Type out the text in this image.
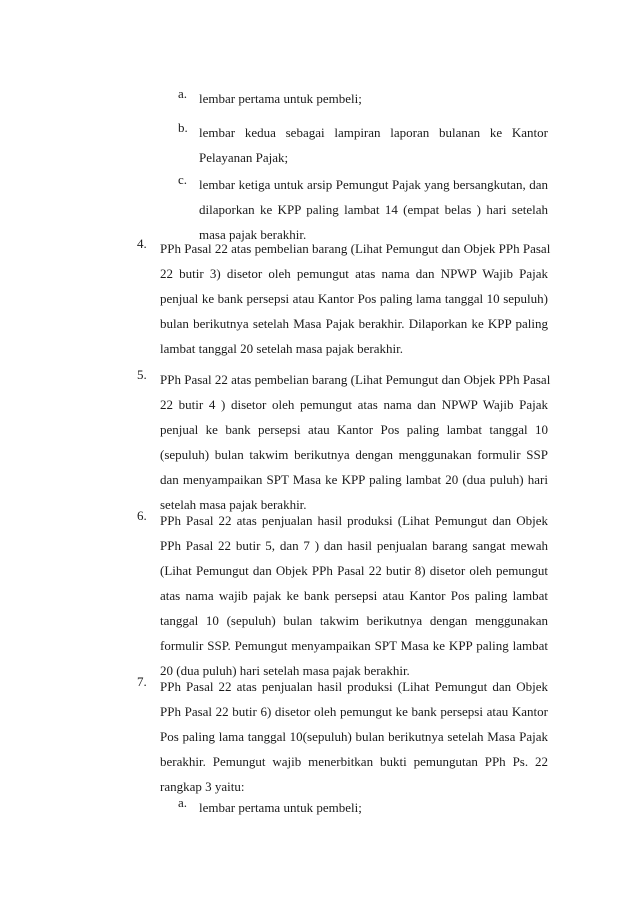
a. lembar pertama untuk pembeli;
b. lembar kedua sebagai lampiran laporan bulanan ke Kantor
Pelayanan Pajak;
c. lembar ketiga untuk arsip Pemungut Pajak yang bersangkutan, dan
dilaporkan ke KPP paling lambat 14 (empat belas ) hari setelah
masa pajak berakhir.
4. PPh Pasal 22 atas pembelian barang (Lihat Pemungut dan Objek PPh Pasal
22 butir 3) disetor oleh pemungut atas nama dan NPWP Wajib Pajak
penjual ke bank persepsi atau Kantor Pos paling lama tanggal 10 sepuluh)
bulan berikutnya setelah Masa Pajak berakhir. Dilaporkan ke KPP paling
lambat tanggal 20 setelah masa pajak berakhir.
5. PPh Pasal 22 atas pembelian barang (Lihat Pemungut dan Objek PPh Pasal
22 butir 4 ) disetor oleh pemungut atas nama dan NPWP Wajib Pajak
penjual ke bank persepsi atau Kantor Pos paling lambat tanggal 10
(sepuluh) bulan takwim berikutnya dengan menggunakan formulir SSP
dan menyampaikan SPT Masa ke KPP paling lambat 20 (dua puluh) hari
setelah masa pajak berakhir.
6. PPh Pasal 22 atas penjualan hasil produksi (Lihat Pemungut dan Objek
PPh Pasal 22 butir 5, dan 7 ) dan hasil penjualan barang sangat mewah
(Lihat Pemungut dan Objek PPh Pasal 22 butir 8) disetor oleh pemungut
atas nama wajib pajak ke bank persepsi atau Kantor Pos paling lambat
tanggal 10 (sepuluh) bulan takwim berikutnya dengan menggunakan
formulir SSP. Pemungut menyampaikan SPT Masa ke KPP paling lambat
20 (dua puluh) hari setelah masa pajak berakhir.
7. PPh Pasal 22 atas penjualan hasil produksi (Lihat Pemungut dan Objek
PPh Pasal 22 butir 6) disetor oleh pemungut ke bank persepsi atau Kantor
Pos paling lama tanggal 10(sepuluh) bulan berikutnya setelah Masa Pajak
berakhir. Pemungut wajib menerbitkan bukti pemungutan PPh Ps. 22
rangkap 3 yaitu:
a. lembar pertama untuk pembeli;
